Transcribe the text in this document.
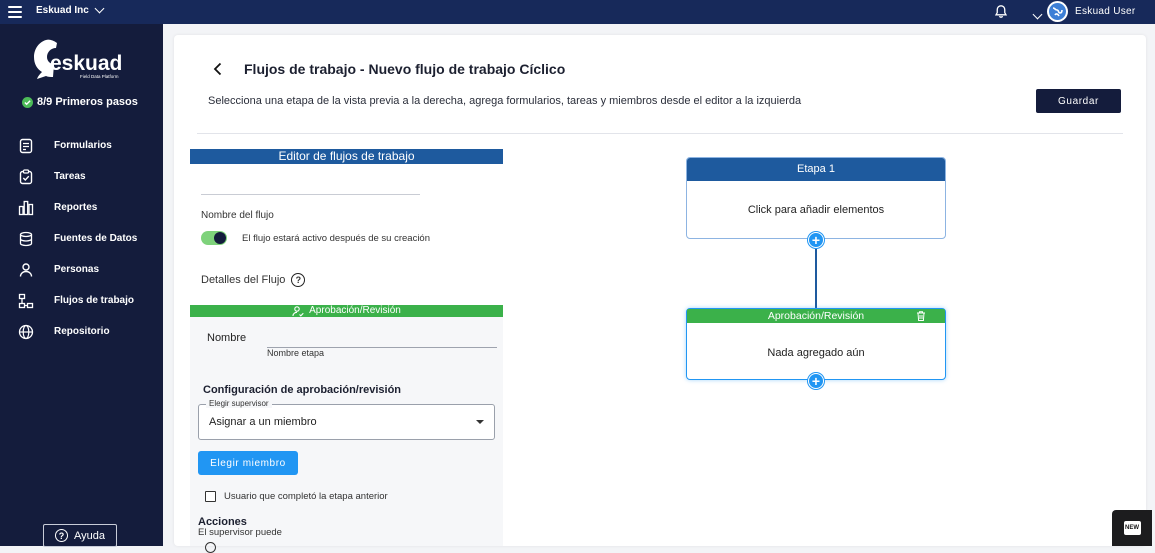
Eskuad Inc	Eskuad User
eskuad
Field Data Platform
8/9 Primeros pasos
Formularios
Tareas
Reportes
Fuentes de Datos
Personas
Flujos de trabajo
Repositorio
? Ayuda
Flujos de trabajo - Nuevo flujo de trabajo Cíclico
Selecciona una etapa de la vista previa a la derecha, agrega formularios, tareas y miembros desde el editor a la izquierda	Guardar
Editor de flujos de trabajo
Nombre del flujo
El flujo estará activo después de su creación
Detalles del Flujo	?
Aprobación/Revisión
Nombre
Nombre etapa
Configuración de aprobación/revisión
Elegir supervisor
Asignar a un miembro
Elegir miembro
Usuario que completó la etapa anterior
Acciones
El supervisor puede
Etapa 1
Click para añadir elementos
+
Aprobación/Revisión
Nada agregado aún
+
NEW
